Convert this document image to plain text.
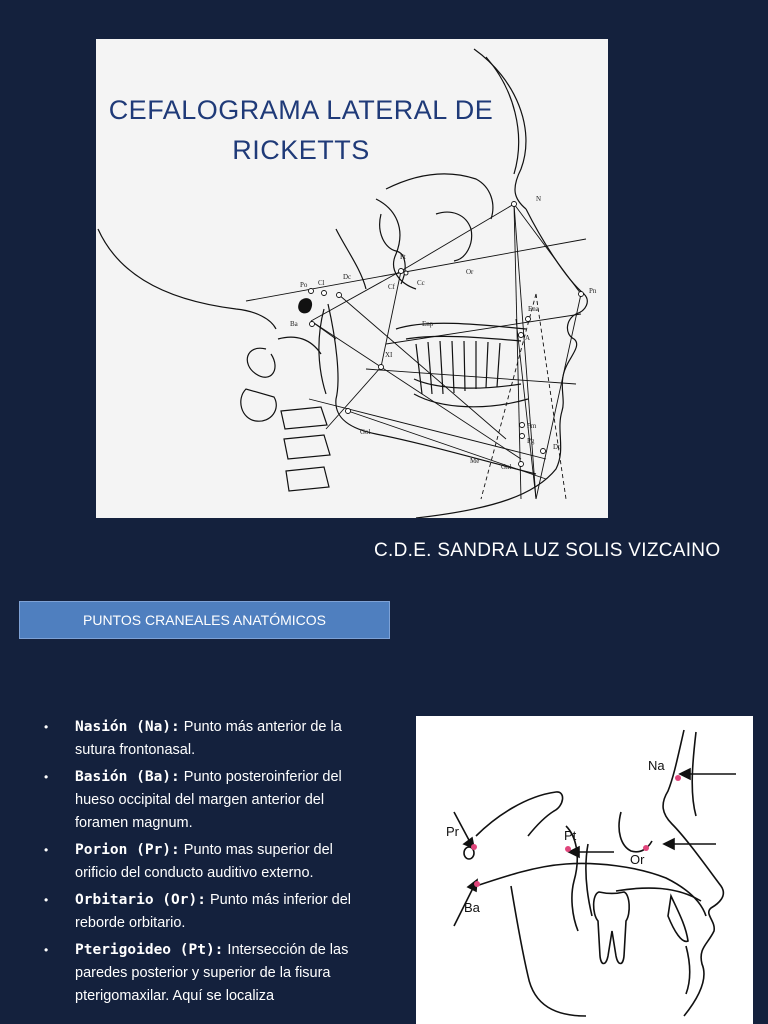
N
Pn
Or
Pt
Cc
Cf
Po Cl
Dc
Ba
Ena
Enp
A
XI
Gol
Pm
Pg
Dt
Me
Gnl
CEFALOGRAMA LATERAL DE
RICKETTS
C.D.E. SANDRA LUZ SOLIS VIZCAINO
PUNTOS CRANEALES ANATÓMICOS
• Nasión (Na): Punto más anterior de la sutura frontonasal.
• Basión (Ba): Punto posteroinferior del hueso occipital del margen anterior del foramen magnum.
• Porion (Pr): Punto mas superior del orificio del conducto auditivo externo.
• Orbitario (Or): Punto más inferior del reborde orbitario.
• Pterigoideo (Pt): Intersección de las paredes posterior y superior de la fisura pterigomaxilar. Aquí se localiza
Na
Pr	Pt
Or
Ba
